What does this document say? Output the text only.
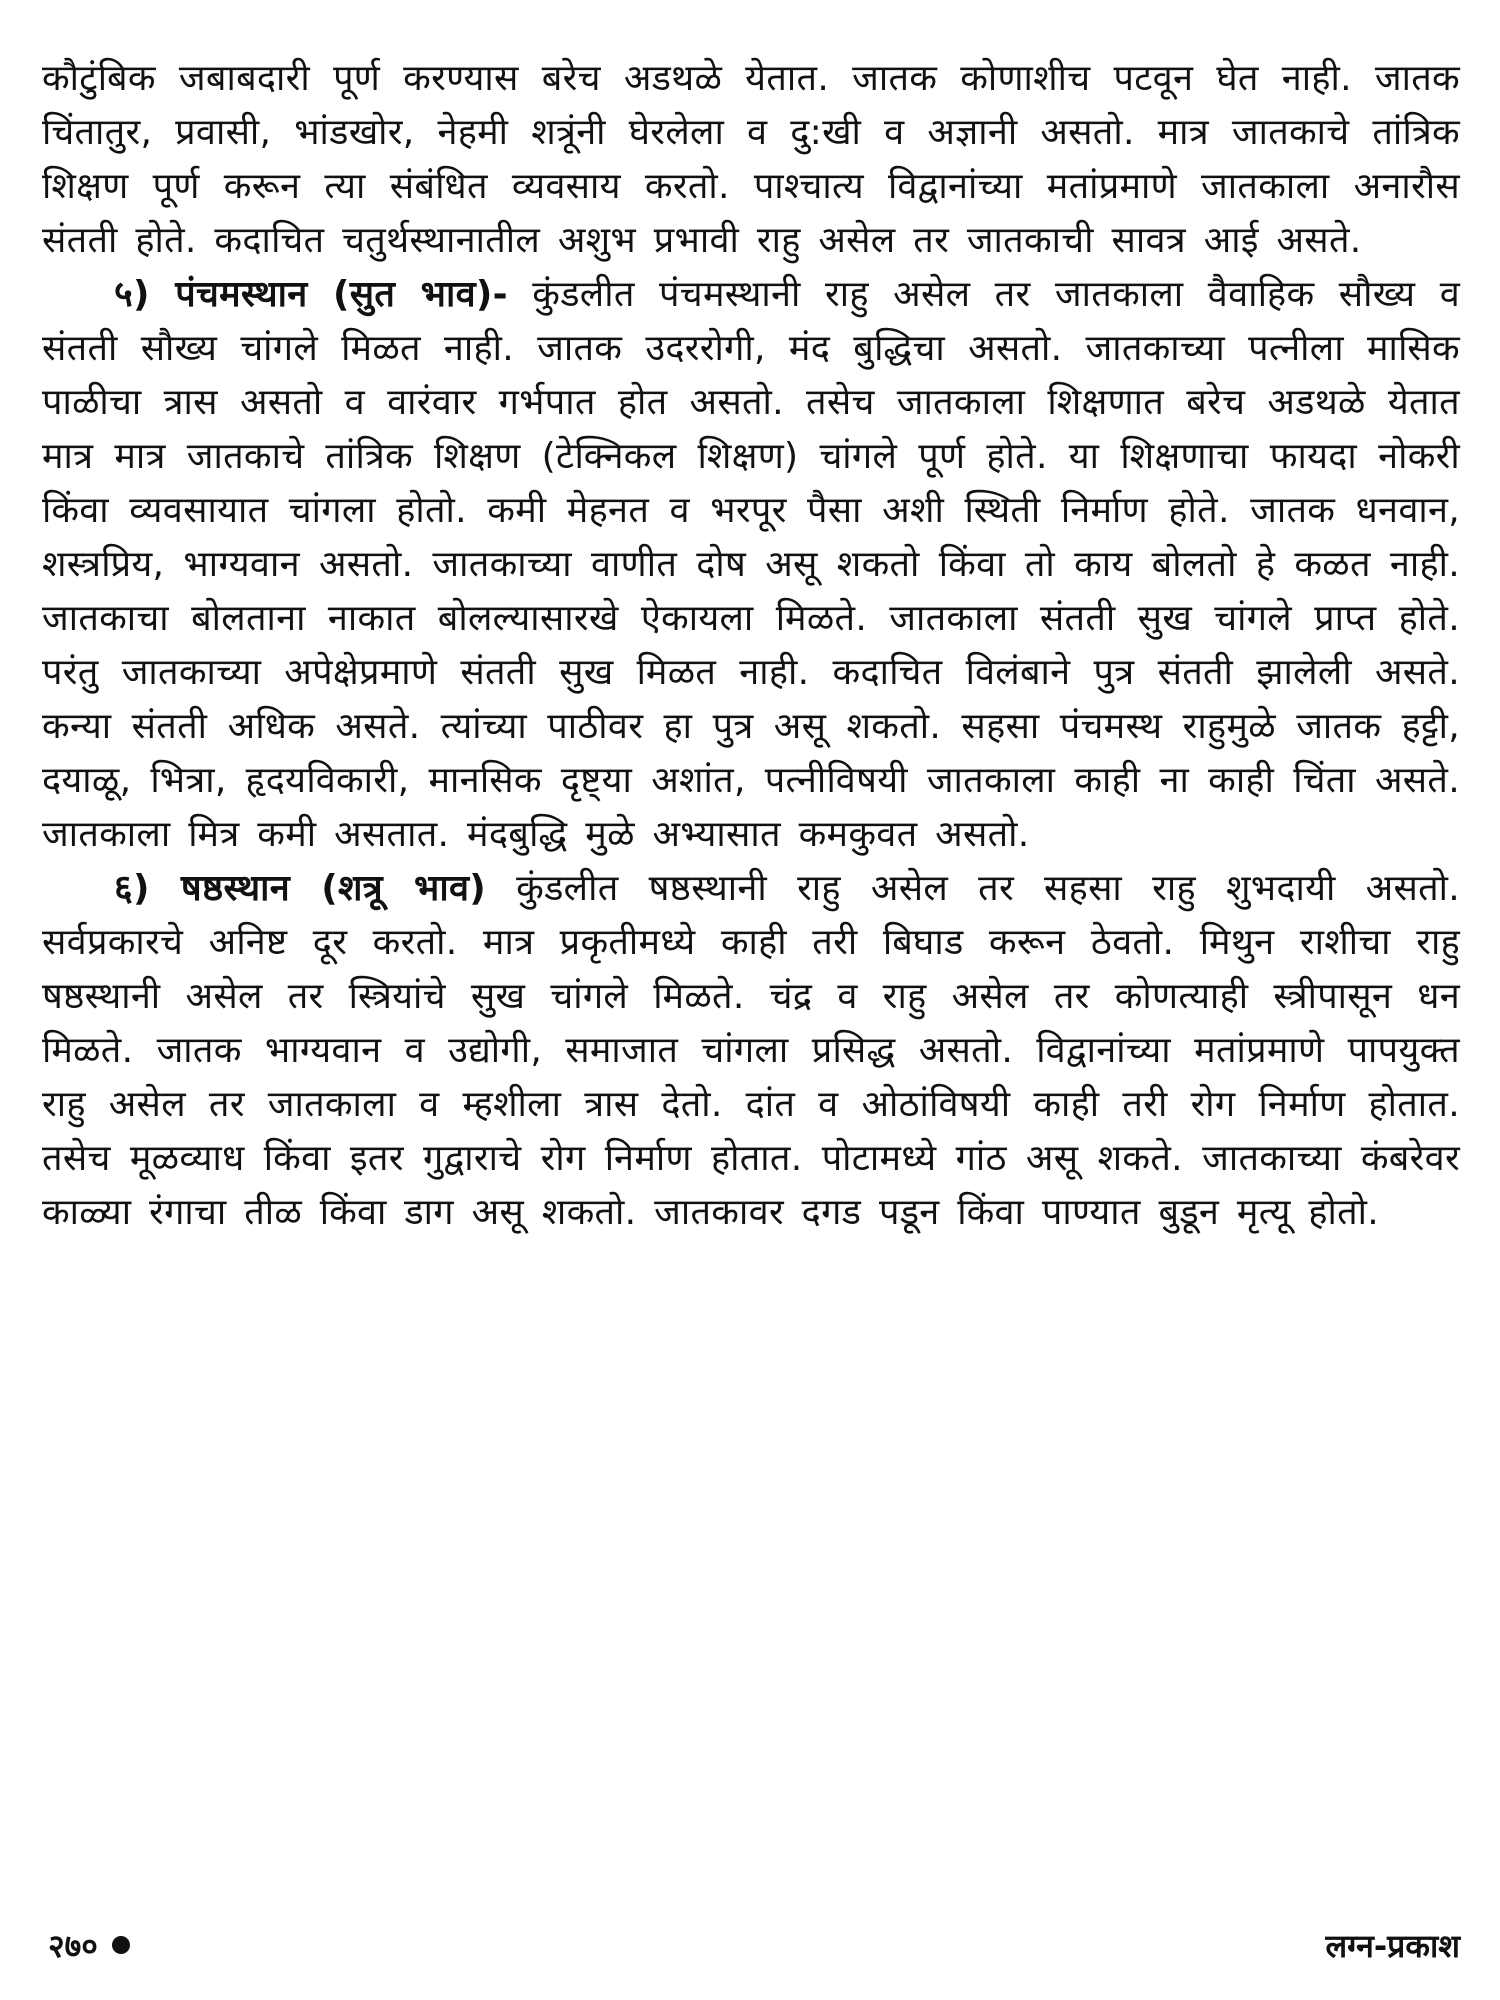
कौटुंबिक जबाबदारी पूर्ण करण्यास बरेच अडथळे येतात. जातक कोणाशीच पटवून घेत नाही. जातक चिंतातुर, प्रवासी, भांडखोर, नेहमी शत्रूंनी घेरलेला व दु:खी व अज्ञानी असतो. मात्र जातकाचे तांत्रिक शिक्षण पूर्ण करून त्या संबंधित व्यवसाय करतो. पाश्चात्य विद्वानांच्या मतांप्रमाणे जातकाला अनारौस संतती होते. कदाचित चतुर्थस्थानातील अशुभ प्रभावी राहु असेल तर जातकाची सावत्र आई असते.

५) पंचमस्थान (सुत भाव)- कुंडलीत पंचमस्थानी राहु असेल तर जातकाला वैवाहिक सौख्य व संतती सौख्य चांगले मिळत नाही. जातक उदररोगी, मंद बुद्धिचा असतो. जातकाच्या पत्नीला मासिक पाळीचा त्रास असतो व वारंवार गर्भपात होत असतो. तसेच जातकाला शिक्षणात बरेच अडथळे येतात मात्र मात्र जातकाचे तांत्रिक शिक्षण (टेक्निकल शिक्षण) चांगले पूर्ण होते. या शिक्षणाचा फायदा नोकरी किंवा व्यवसायात चांगला होतो. कमी मेहनत व भरपूर पैसा अशी स्थिती निर्माण होते. जातक धनवान, शस्त्रप्रिय, भाग्यवान असतो. जातकाच्या वाणीत दोष असू शकतो किंवा तो काय बोलतो हे कळत नाही. जातकाचा बोलताना नाकात बोलल्यासारखे ऐकायला मिळते. जातकाला संतती सुख चांगले प्राप्त होते. परंतु जातकाच्या अपेक्षेप्रमाणे संतती सुख मिळत नाही. कदाचित विलंबाने पुत्र संतती झालेली असते. कन्या संतती अधिक असते. त्यांच्या पाठीवर हा पुत्र असू शकतो. सहसा पंचमस्थ राहुमुळे जातक हट्टी, दयाळू, भित्रा, हृदयविकारी, मानसिक दृष्ट्या अशांत, पत्नीविषयी जातकाला काही ना काही चिंता असते. जातकाला मित्र कमी असतात. मंदबुद्धि मुळे अभ्यासात कमकुवत असतो.

६) षष्ठस्थान (शत्रू भाव) कुंडलीत षष्ठस्थानी राहु असेल तर सहसा राहु शुभदायी असतो. सर्वप्रकारचे अनिष्ट दूर करतो. मात्र प्रकृतीमध्ये काही तरी बिघाड करून ठेवतो. मिथुन राशीचा राहु षष्ठस्थानी असेल तर स्त्रियांचे सुख चांगले मिळते. चंद्र व राहु असेल तर कोणत्याही स्त्रीपासून धन मिळते. जातक भाग्यवान व उद्योगी, समाजात चांगला प्रसिद्ध असतो. विद्वानांच्या मतांप्रमाणे पापयुक्त राहु असेल तर जातकाला व म्हशीला त्रास देतो. दांत व ओठांविषयी काही तरी रोग निर्माण होतात. तसेच मूळव्याध किंवा इतर गुद्वाराचे रोग निर्माण होतात. पोटामध्ये गांठ असू शकते. जातकाच्या कंबरेवर काळ्या रंगाचा तीळ किंवा डाग असू शकतो. जातकावर दगड पडून किंवा पाण्यात बुडून मृत्यू होतो.

२७०	लग्न-प्रकाश
